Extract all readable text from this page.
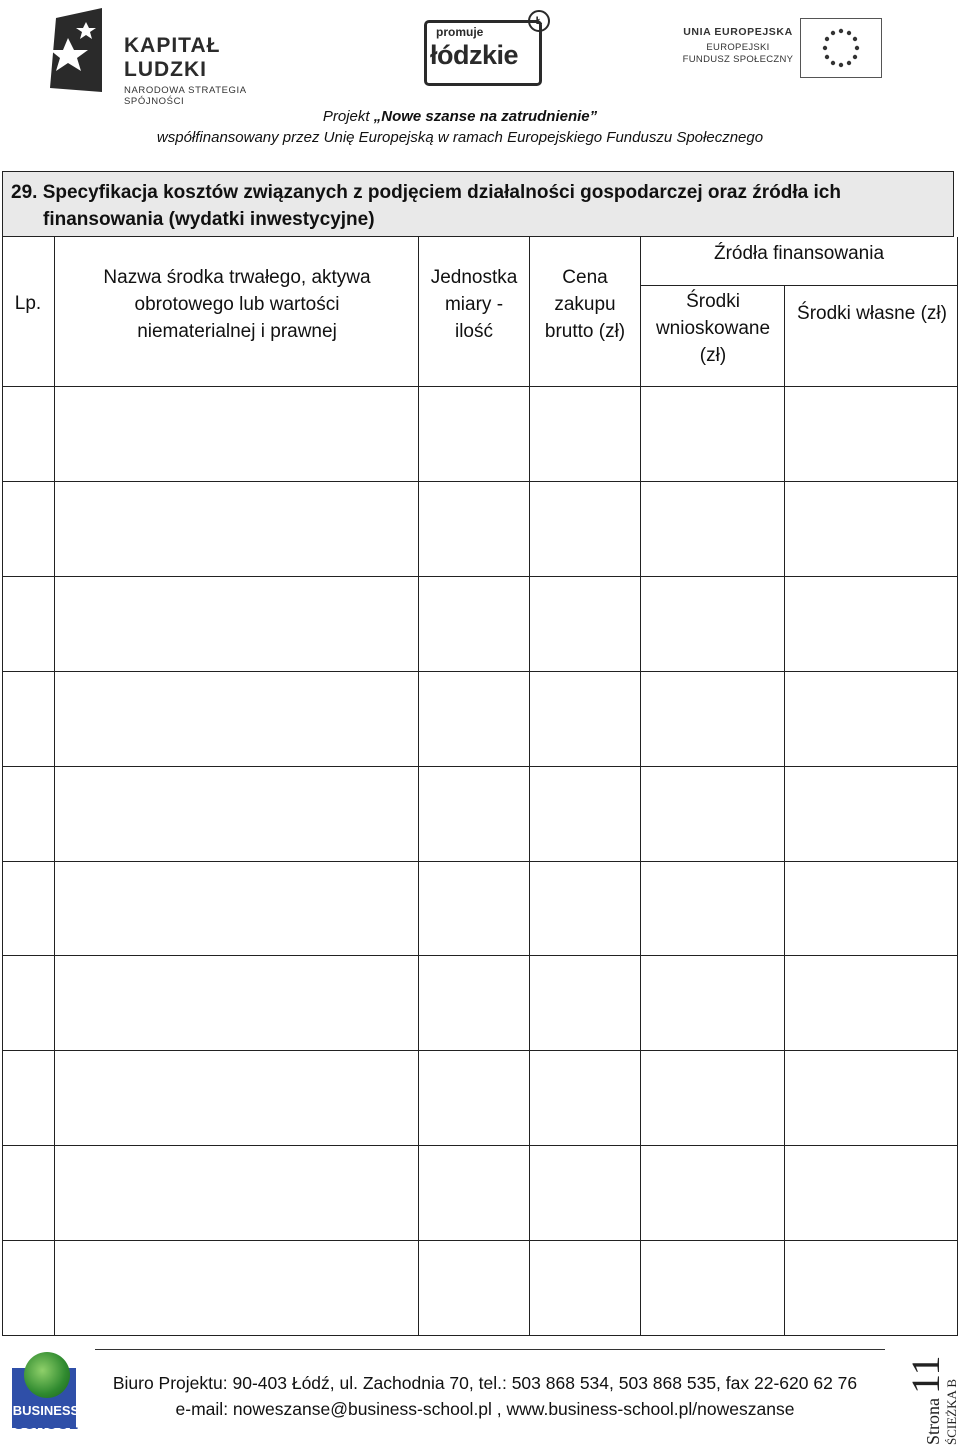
KAPITAŁ LUDZKI
NARODOWA STRATEGIA SPÓJNOŚCI
promuje
łódzkie
Ł
UNIA EUROPEJSKA
EUROPEJSKI
FUNDUSZ SPOŁECZNY
Projekt „Nowe szanse na zatrudnienie”
współfinansowany przez Unię Europejską w ramach Europejskiego Funduszu Społecznego
29. Specyfikacja kosztów związanych z podjęciem działalności gospodarczej oraz źródła ich
finansowania (wydatki inwestycyjne)
Lp.
Nazwa środka trwałego, aktywa obrotowego lub wartości niematerialnej i prawnej
Jednostka miary - ilość
Cena zakupu brutto (zł)
Źródła finansowania
Środki wnioskowane (zł)
Środki własne (zł)
BUSINESS
SCHOOL
Biuro Projektu: 90-403 Łódź, ul. Zachodnia 70, tel.: 503 868 534, 503 868 535, fax 22-620 62 76
e-mail: noweszanse@business-school.pl , www.business-school.pl/noweszanse	Strona11
ŚCIEŻKA B
